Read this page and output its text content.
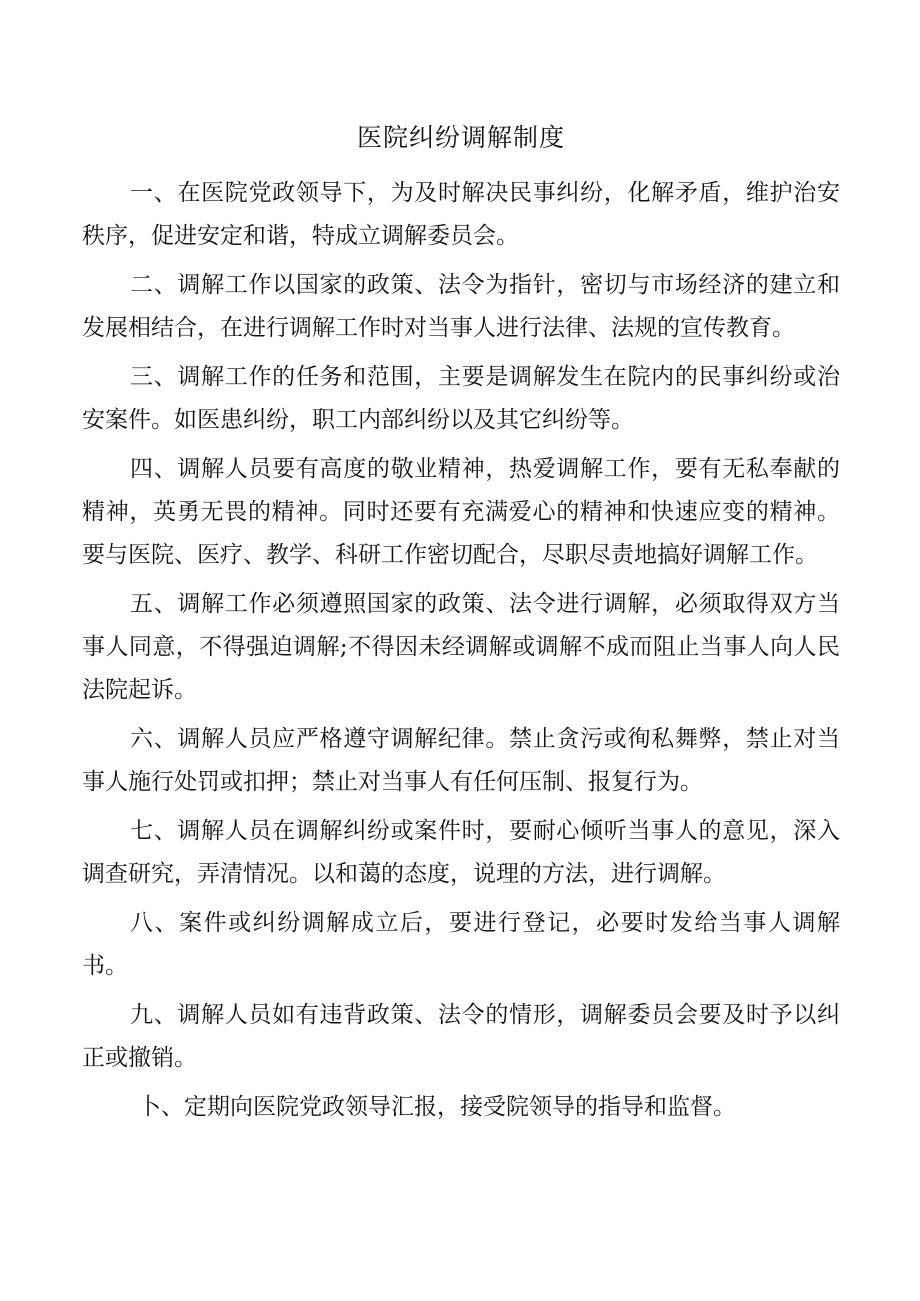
医院纠纷调解制度

一、在医院党政领导下，为及时解决民事纠纷，化解矛盾，维护治安秩序，促进安定和谐，特成立调解委员会。

二、调解工作以国家的政策、法令为指针，密切与市场经济的建立和发展相结合，在进行调解工作时对当事人进行法律、法规的宣传教育。

三、调解工作的任务和范围，主要是调解发生在院内的民事纠纷或治安案件。如医患纠纷，职工内部纠纷以及其它纠纷等。

四、调解人员要有高度的敬业精神，热爱调解工作，要有无私奉献的精神，英勇无畏的精神。同时还要有充满爱心的精神和快速应变的精神。要与医院、医疗、教学、科研工作密切配合，尽职尽责地搞好调解工作。

五、调解工作必须遵照国家的政策、法令进行调解，必须取得双方当事人同意，不得强迫调解;不得因未经调解或调解不成而阻止当事人向人民法院起诉。

六、调解人员应严格遵守调解纪律。禁止贪污或徇私舞弊，禁止对当事人施行处罚或扣押；禁止对当事人有任何压制、报复行为。

七、调解人员在调解纠纷或案件时，要耐心倾听当事人的意见，深入调查研究，弄清情况。以和蔼的态度，说理的方法，进行调解。

八、案件或纠纷调解成立后，要进行登记，必要时发给当事人调解书。

九、调解人员如有违背政策、法令的情形，调解委员会要及时予以纠正或撤销。

卜、定期向医院党政领导汇报，接受院领导的指导和监督。
